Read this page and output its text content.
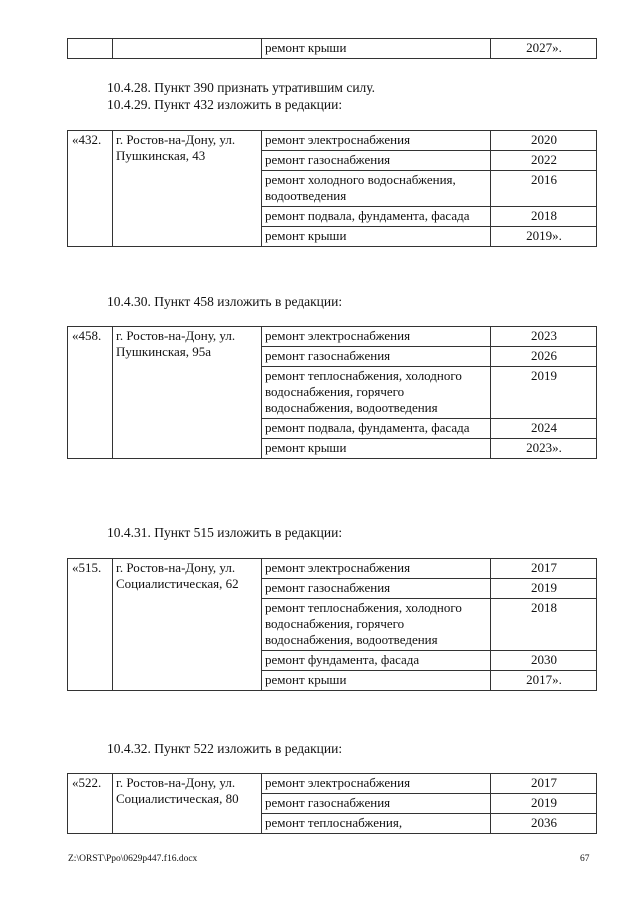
		ремонт крыши	2027».
10.4.28. Пункт 390 признать утратившим силу.
10.4.29. Пункт 432 изложить в редакции:
«432.	г. Ростов-на-Дону, ул. Пушкинская, 43	ремонт электроснабжения	2020
		ремонт газоснабжения	2022
		ремонт холодного водоснабжения, водоотведения	2016
		ремонт подвала, фундамента, фасада	2018
		ремонт крыши	2019».
10.4.30. Пункт 458 изложить в редакции:
«458.	г. Ростов-на-Дону, ул. Пушкинская, 95а	ремонт электроснабжения	2023
		ремонт газоснабжения	2026
		ремонт теплоснабжения, холодного водоснабжения, горячего водоснабжения, водоотведения	2019
		ремонт подвала, фундамента, фасада	2024
		ремонт крыши	2023».
10.4.31. Пункт 515 изложить в редакции:
«515.	г. Ростов-на-Дону, ул. Социалистическая, 62	ремонт электроснабжения	2017
		ремонт газоснабжения	2019
		ремонт теплоснабжения, холодного водоснабжения, горячего водоснабжения, водоотведения	2018
		ремонт фундамента, фасада	2030
		ремонт крыши	2017».
10.4.32. Пункт 522 изложить в редакции:
«522.	г. Ростов-на-Дону, ул. Социалистическая, 80	ремонт электроснабжения	2017
		ремонт газоснабжения	2019
		ремонт теплоснабжения,	2036
Z:\ORST\Ppo\0629p447.f16.docx	67
